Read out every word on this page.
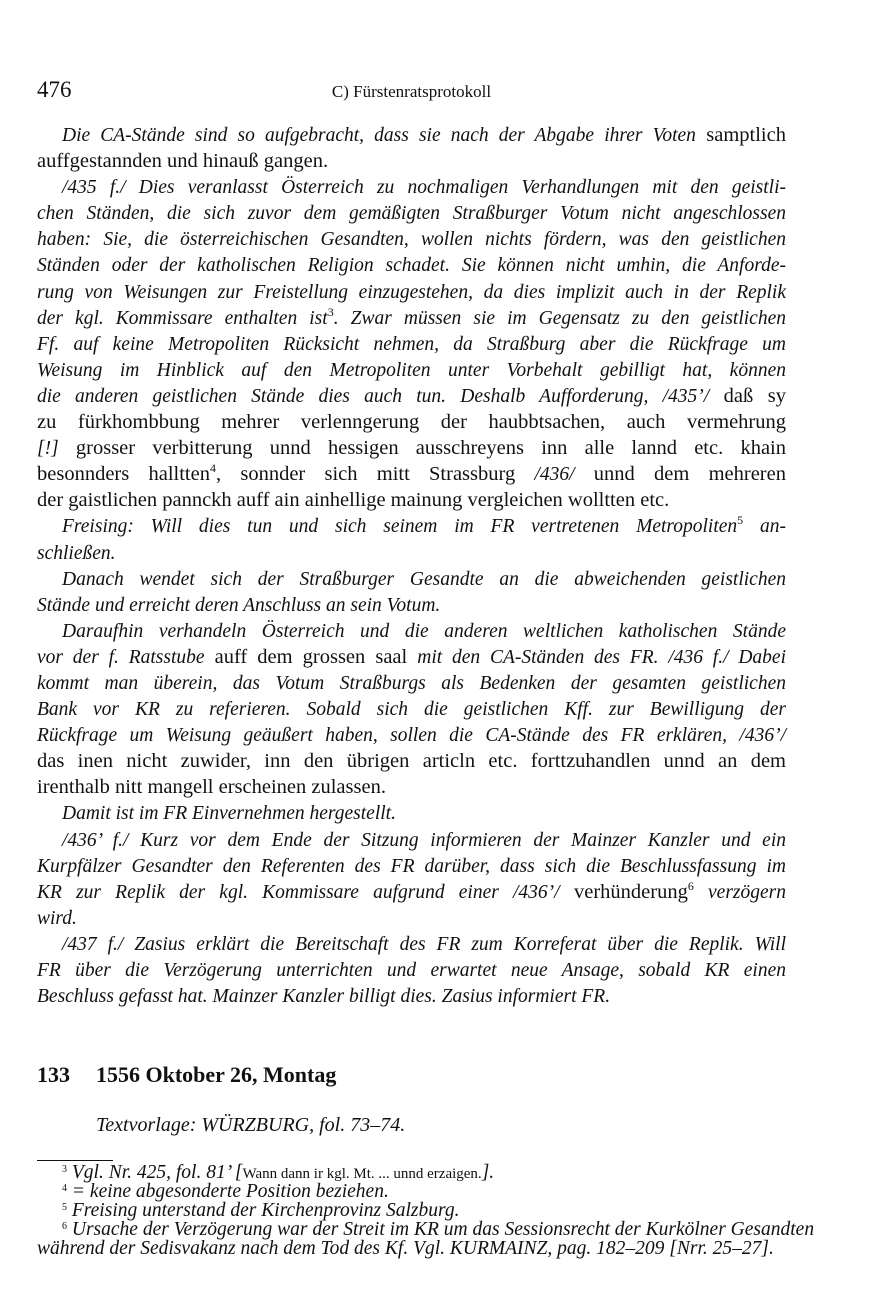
476	C) Fürstenratsprotokoll
Die CA-Stände sind so aufgebracht, dass sie nach der Abgabe ihrer Voten samptlich
auffgestannden und hinauß gangen.
/435 f./ Dies veranlasst Österreich zu nochmaligen Verhandlungen mit den geistli-
chen Ständen, die sich zuvor dem gemäßigten Straßburger Votum nicht angeschlossen
haben: Sie, die österreichischen Gesandten, wollen nichts fördern, was den geistlichen
Ständen oder der katholischen Religion schadet. Sie können nicht umhin, die Anforde-
rung von Weisungen zur Freistellung einzugestehen, da dies implizit auch in der Replik
der kgl. Kommissare enthalten ist$^3$. Zwar müssen sie im Gegensatz zu den geistlichen
Ff. auf keine Metropoliten Rücksicht nehmen, da Straßburg aber die Rückfrage um
Weisung im Hinblick auf den Metropoliten unter Vorbehalt gebilligt hat, können
die anderen geistlichen Stände dies auch tun. Deshalb Aufforderung, /435’/ daß sy
zu fürkhombbung mehrer verlenngerung der haubbtsachen, auch vermehrung
[!] grosser verbitterung unnd hessigen ausschreyens inn alle lannd etc. khain
besonnders halltten$^4$, sonnder sich mitt Strassburg /436/ unnd dem mehreren
der gaistlichen pannckh auff ain ainhellige mainung vergleichen wolltten etc.
Freising: Will dies tun und sich seinem im FR vertretenen Metropoliten$^5$ an-
schließen.
Danach wendet sich der Straßburger Gesandte an die abweichenden geistlichen
Stände und erreicht deren Anschluss an sein Votum.
Daraufhin verhandeln Österreich und die anderen weltlichen katholischen Stände
vor der f. Ratsstube auff dem grossen saal mit den CA-Ständen des FR. /436 f./ Dabei
kommt man überein, das Votum Straßburgs als Bedenken der gesamten geistlichen
Bank vor KR zu referieren. Sobald sich die geistlichen Kff. zur Bewilligung der
Rückfrage um Weisung geäußert haben, sollen die CA-Stände des FR erklären, /436’/
das inen nicht zuwider, inn den übrigen articln etc. forttzuhandlen unnd an dem
irenthalb nitt mangell erscheinen zulassen.
Damit ist im FR Einvernehmen hergestellt.
/436’ f./ Kurz vor dem Ende der Sitzung informieren der Mainzer Kanzler und ein
Kurpfälzer Gesandter den Referenten des FR darüber, dass sich die Beschlussfassung im
KR zur Replik der kgl. Kommissare aufgrund einer /436’/ verhünderung$^6$ verzögern
wird.
/437 f./ Zasius erklärt die Bereitschaft des FR zum Korreferat über die Replik. Will
FR über die Verzögerung unterrichten und erwartet neue Ansage, sobald KR einen
Beschluss gefasst hat. Mainzer Kanzler billigt dies. Zasius informiert FR.
133 1556 Oktober 26, Montag
Textvorlage: WÜRZBURG, fol. 73–74.
$^3$ Vgl. Nr. 425, fol. 81’ [Wann dann ir kgl. Mt. ... unnd erzaigen.].
$^4$ = keine abgesonderte Position beziehen.
$^5$ Freising unterstand der Kirchenprovinz Salzburg.
$^6$ Ursache der Verzögerung war der Streit im KR um das Sessionsrecht der Kurkölner Gesandten
während der Sedisvakanz nach dem Tod des Kf. Vgl. KURMAINZ, pag. 182–209 [Nrr. 25–27].
